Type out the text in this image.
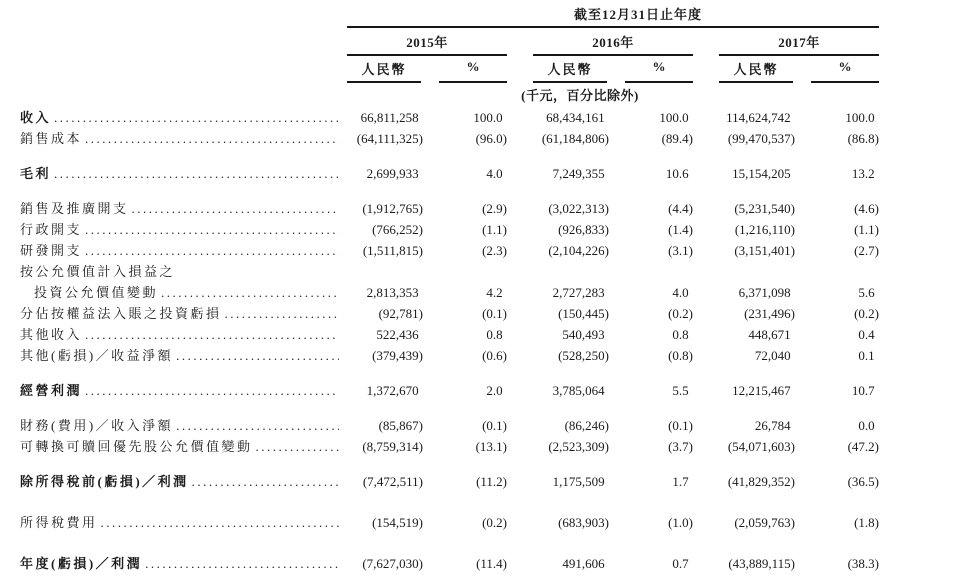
截至12月31日止年度
2015年	2016年	2017年
人民幣	%	人民幣	%	人民幣	%
(千元，百分比除外)
收入 .....	66,811,258	100.0	68,434,161	100.0	114,624,742	100.0
銷售成本 .....	(64,111,325)	(96.0)	(61,184,806)	(89.4)	(99,470,537)	(86.8)
毛利 .....	2,699,933	4.0	7,249,355	10.6	15,154,205	13.2
銷售及推廣開支 .....	(1,912,765)	(2.9)	(3,022,313)	(4.4)	(5,231,540)	(4.6)
行政開支 .....	(766,252)	(1.1)	(926,833)	(1.4)	(1,216,110)	(1.1)
研發開支 .....	(1,511,815)	(2.3)	(2,104,226)	(3.1)	(3,151,401)	(2.7)
按公允價值計入損益之
投資公允價值變動 .....	2,813,353	4.2	2,727,283	4.0	6,371,098	5.6
分佔按權益法入賬之投資虧損 .....	(92,781)	(0.1)	(150,445)	(0.2)	(231,496)	(0.2)
其他收入 .....	522,436	0.8	540,493	0.8	448,671	0.4
其他(虧損)／收益淨額 .....	(379,439)	(0.6)	(528,250)	(0.8)	72,040	0.1
經營利潤 .....	1,372,670	2.0	3,785,064	5.5	12,215,467	10.7
財務(費用)／收入淨額 .....	(85,867)	(0.1)	(86,246)	(0.1)	26,784	0.0
可轉換可贖回優先股公允價值變動 .....	(8,759,314)	(13.1)	(2,523,309)	(3.7)	(54,071,603)	(47.2)
除所得稅前(虧損)／利潤 .....	(7,472,511)	(11.2)	1,175,509	1.7	(41,829,352)	(36.5)
所得稅費用 .....	(154,519)	(0.2)	(683,903)	(1.0)	(2,059,763)	(1.8)
年度(虧損)／利潤 .....	(7,627,030)	(11.4)	491,606	0.7	(43,889,115)	(38.3)
